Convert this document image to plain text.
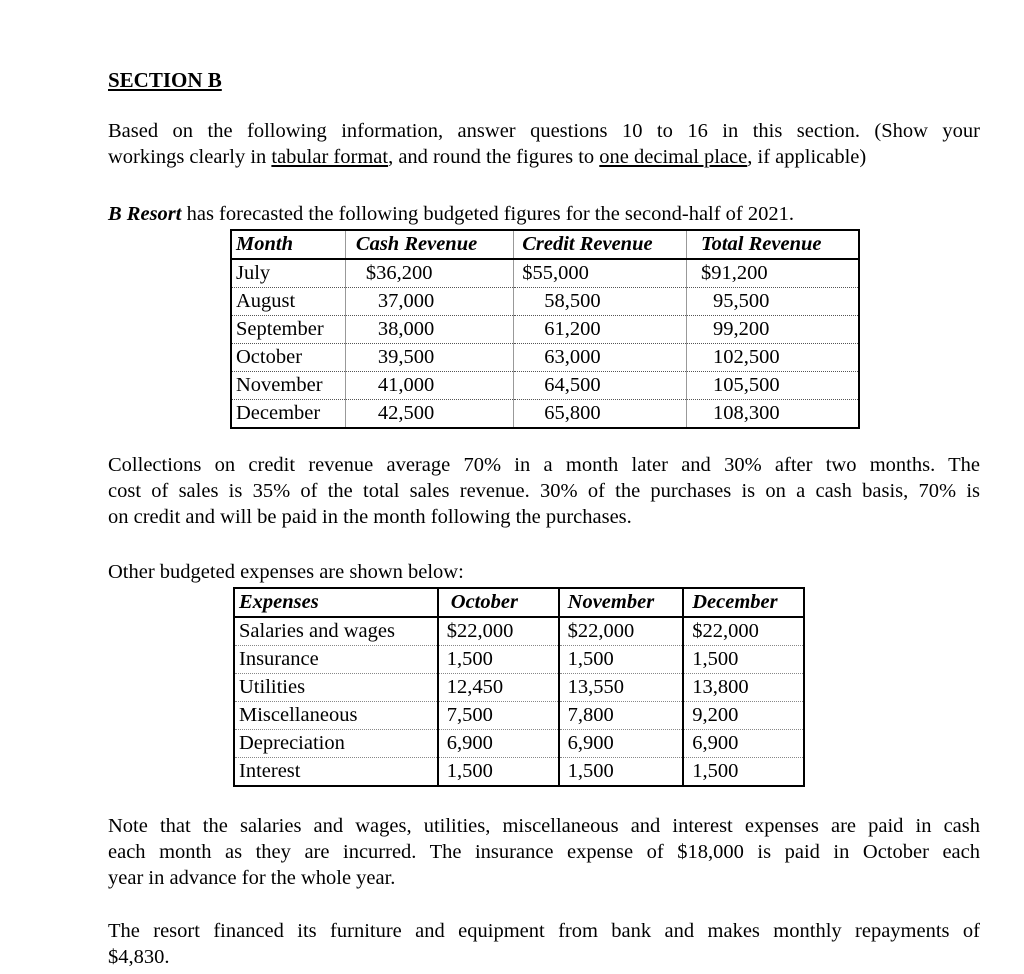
SECTION B
Based on the following information, answer questions 10 to 16 in this section. (Show your
workings clearly in tabular format, and round the figures to one decimal place, if applicable)
B Resort has forecasted the following budgeted figures for the second-half of 2021.
Month	Cash Revenue	Credit Revenue	Total Revenue
July	$36,200	$55,000	$91,200
August	37,000	58,500	95,500
September	38,000	61,200	99,200
October	39,500	63,000	102,500
November	41,000	64,500	105,500
December	42,500	65,800	108,300
Collections on credit revenue average 70% in a month later and 30% after two months. The
cost of sales is 35% of the total sales revenue. 30% of the purchases is on a cash basis, 70% is
on credit and will be paid in the month following the purchases.
Other budgeted expenses are shown below:
Expenses	October	November	December
Salaries and wages	$22,000	$22,000	$22,000
Insurance	1,500	1,500	1,500
Utilities	12,450	13,550	13,800
Miscellaneous	7,500	7,800	9,200
Depreciation	6,900	6,900	6,900
Interest	1,500	1,500	1,500
Note that the salaries and wages, utilities, miscellaneous and interest expenses are paid in cash
each month as they are incurred. The insurance expense of $18,000 is paid in October each
year in advance for the whole year.
The resort financed its furniture and equipment from bank and makes monthly repayments of
$4,830.
